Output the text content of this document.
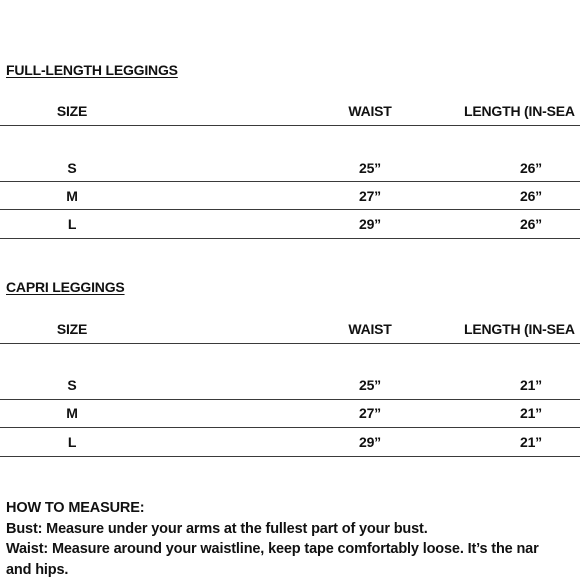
FULL-LENGTH LEGGINGS
SIZE	WAIST	LENGTH (IN-SEA
S	25”	26”
M	27”	26”
L	29”	26”
CAPRI LEGGINGS
SIZE	WAIST	LENGTH (IN-SEA
S	25”	21”
M	27”	21”
L	29”	21”
HOW TO MEASURE:
Bust: Measure under your arms at the fullest part of your bust.
Waist: Measure around your waistline, keep tape comfortably loose. It’s the nar
and hips.
